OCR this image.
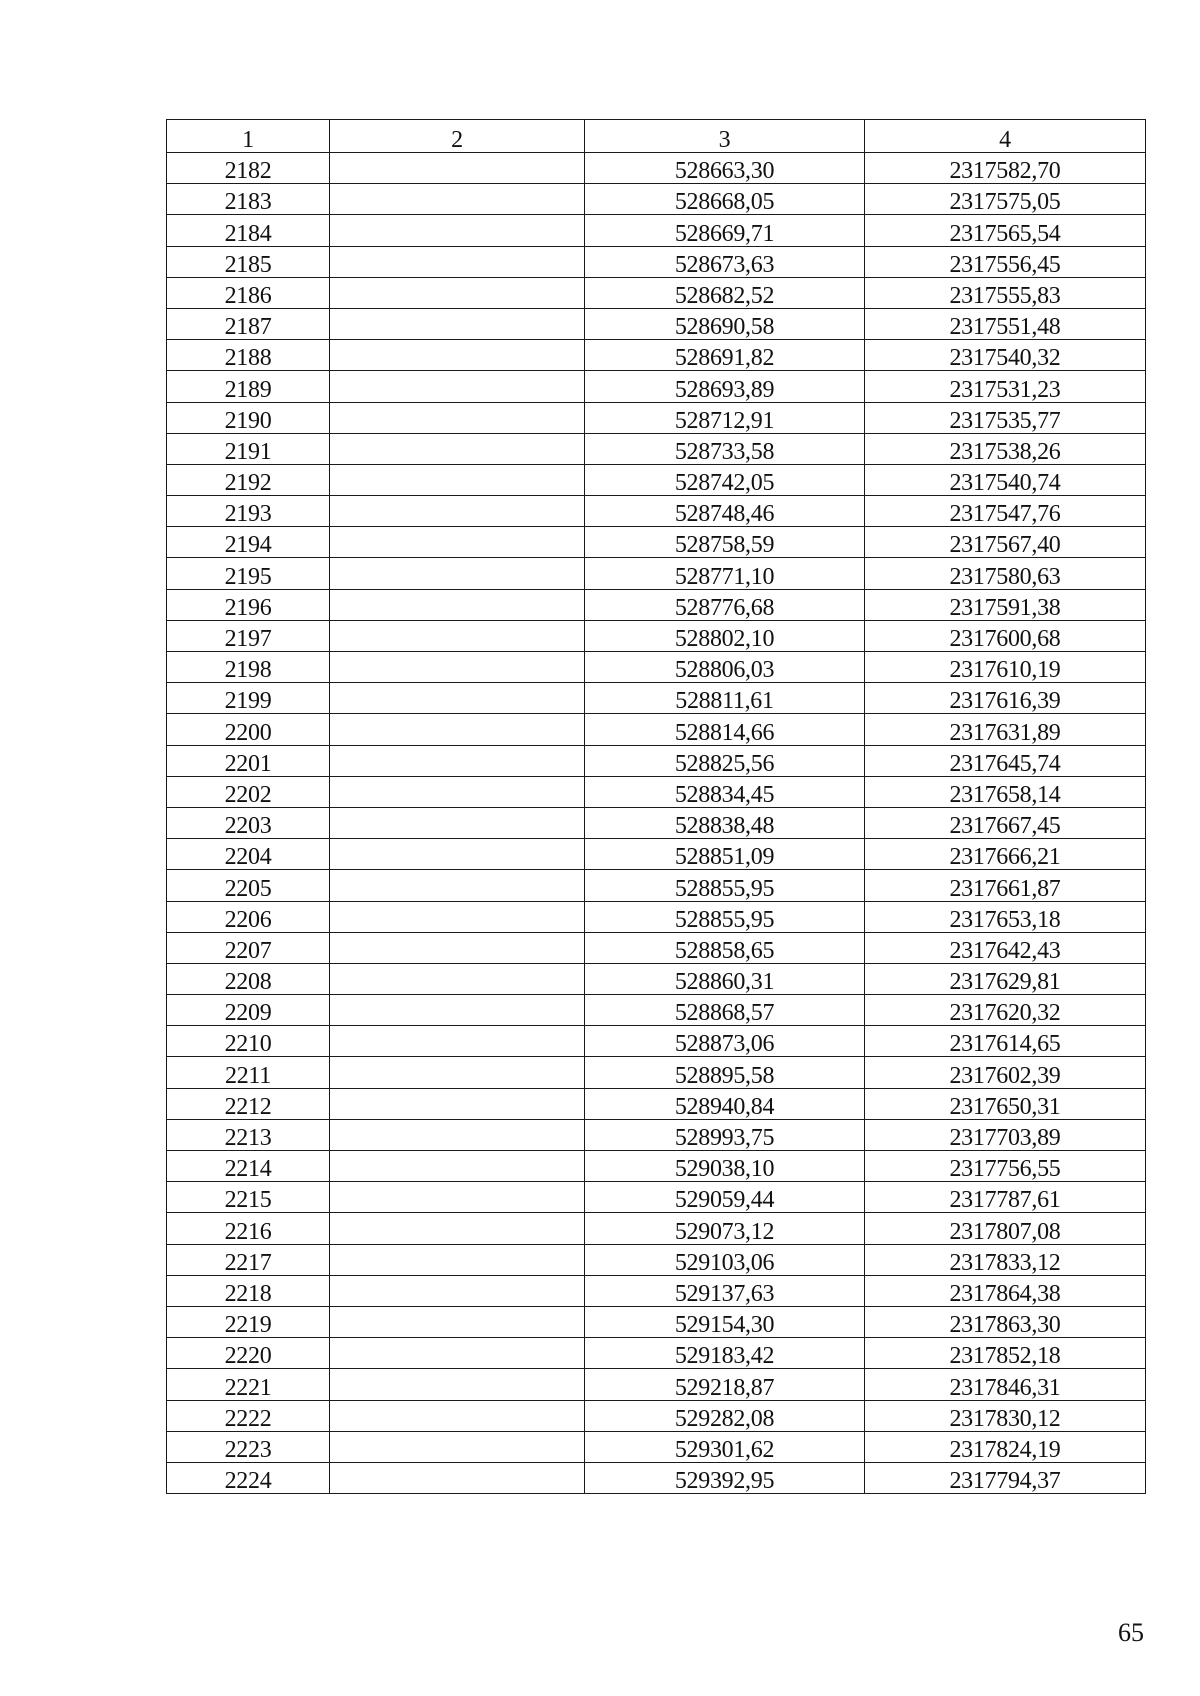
1	2	3	4
2182		528663,30	2317582,70
2183		528668,05	2317575,05
2184		528669,71	2317565,54
2185		528673,63	2317556,45
2186		528682,52	2317555,83
2187		528690,58	2317551,48
2188		528691,82	2317540,32
2189		528693,89	2317531,23
2190		528712,91	2317535,77
2191		528733,58	2317538,26
2192		528742,05	2317540,74
2193		528748,46	2317547,76
2194		528758,59	2317567,40
2195		528771,10	2317580,63
2196		528776,68	2317591,38
2197		528802,10	2317600,68
2198		528806,03	2317610,19
2199		528811,61	2317616,39
2200		528814,66	2317631,89
2201		528825,56	2317645,74
2202		528834,45	2317658,14
2203		528838,48	2317667,45
2204		528851,09	2317666,21
2205		528855,95	2317661,87
2206		528855,95	2317653,18
2207		528858,65	2317642,43
2208		528860,31	2317629,81
2209		528868,57	2317620,32
2210		528873,06	2317614,65
2211		528895,58	2317602,39
2212		528940,84	2317650,31
2213		528993,75	2317703,89
2214		529038,10	2317756,55
2215		529059,44	2317787,61
2216		529073,12	2317807,08
2217		529103,06	2317833,12
2218		529137,63	2317864,38
2219		529154,30	2317863,30
2220		529183,42	2317852,18
2221		529218,87	2317846,31
2222		529282,08	2317830,12
2223		529301,62	2317824,19
2224		529392,95	2317794,37
65
